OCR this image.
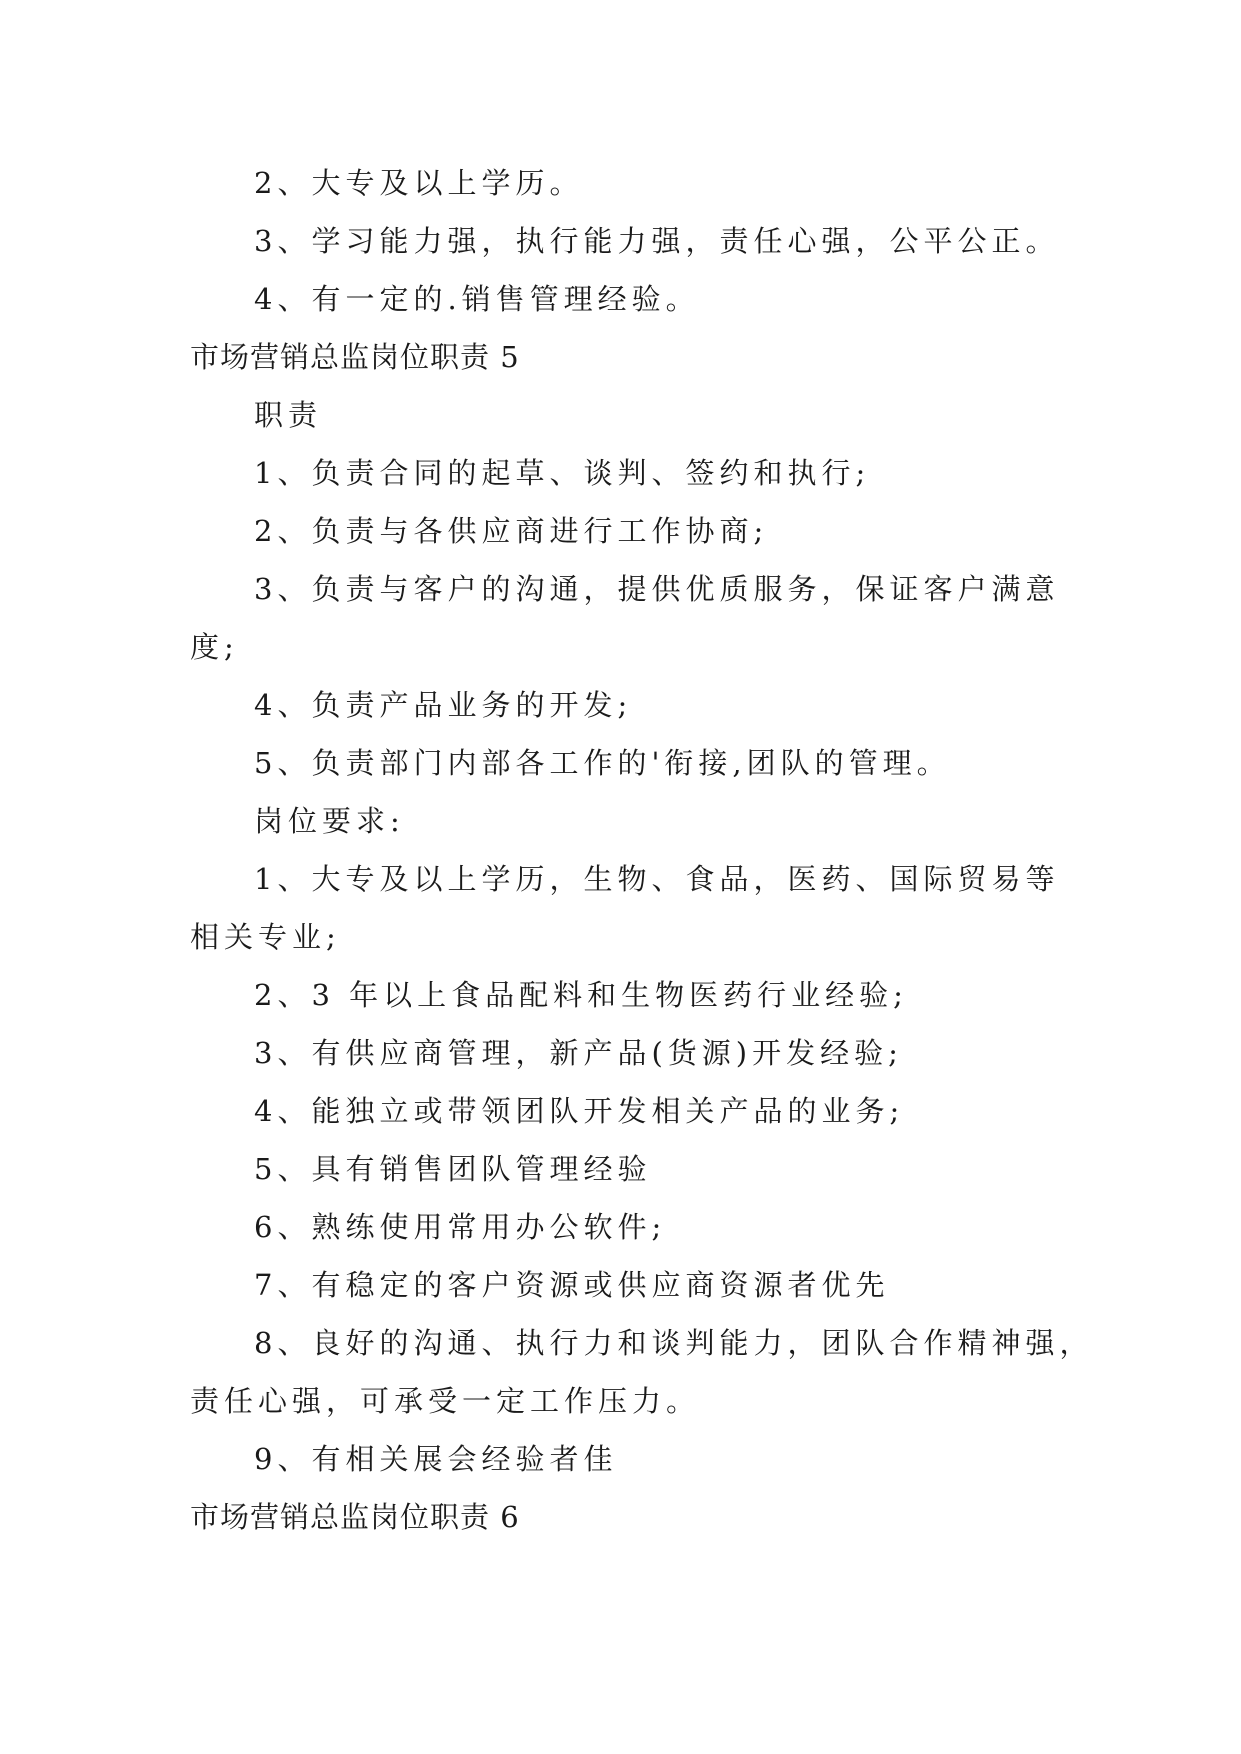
2、大专及以上学历。
3、学习能力强，执行能力强，责任心强，公平公正。
4、有一定的.销售管理经验。
市场营销总监岗位职责 5
职责
1、负责合同的起草、谈判、签约和执行;
2、负责与各供应商进行工作协商;
3、负责与客户的沟通，提供优质服务，保证客户满意
度;
4、负责产品业务的开发;
5、负责部门内部各工作的'衔接,团队的管理。
岗位要求:
1、大专及以上学历，生物、食品，医药、国际贸易等
相关专业;
2、3 年以上食品配料和生物医药行业经验;
3、有供应商管理，新产品(货源)开发经验;
4、能独立或带领团队开发相关产品的业务;
5、具有销售团队管理经验
6、熟练使用常用办公软件;
7、有稳定的客户资源或供应商资源者优先
8、良好的沟通、执行力和谈判能力，团队合作精神强，
责任心强，可承受一定工作压力。
9、有相关展会经验者佳
市场营销总监岗位职责 6
